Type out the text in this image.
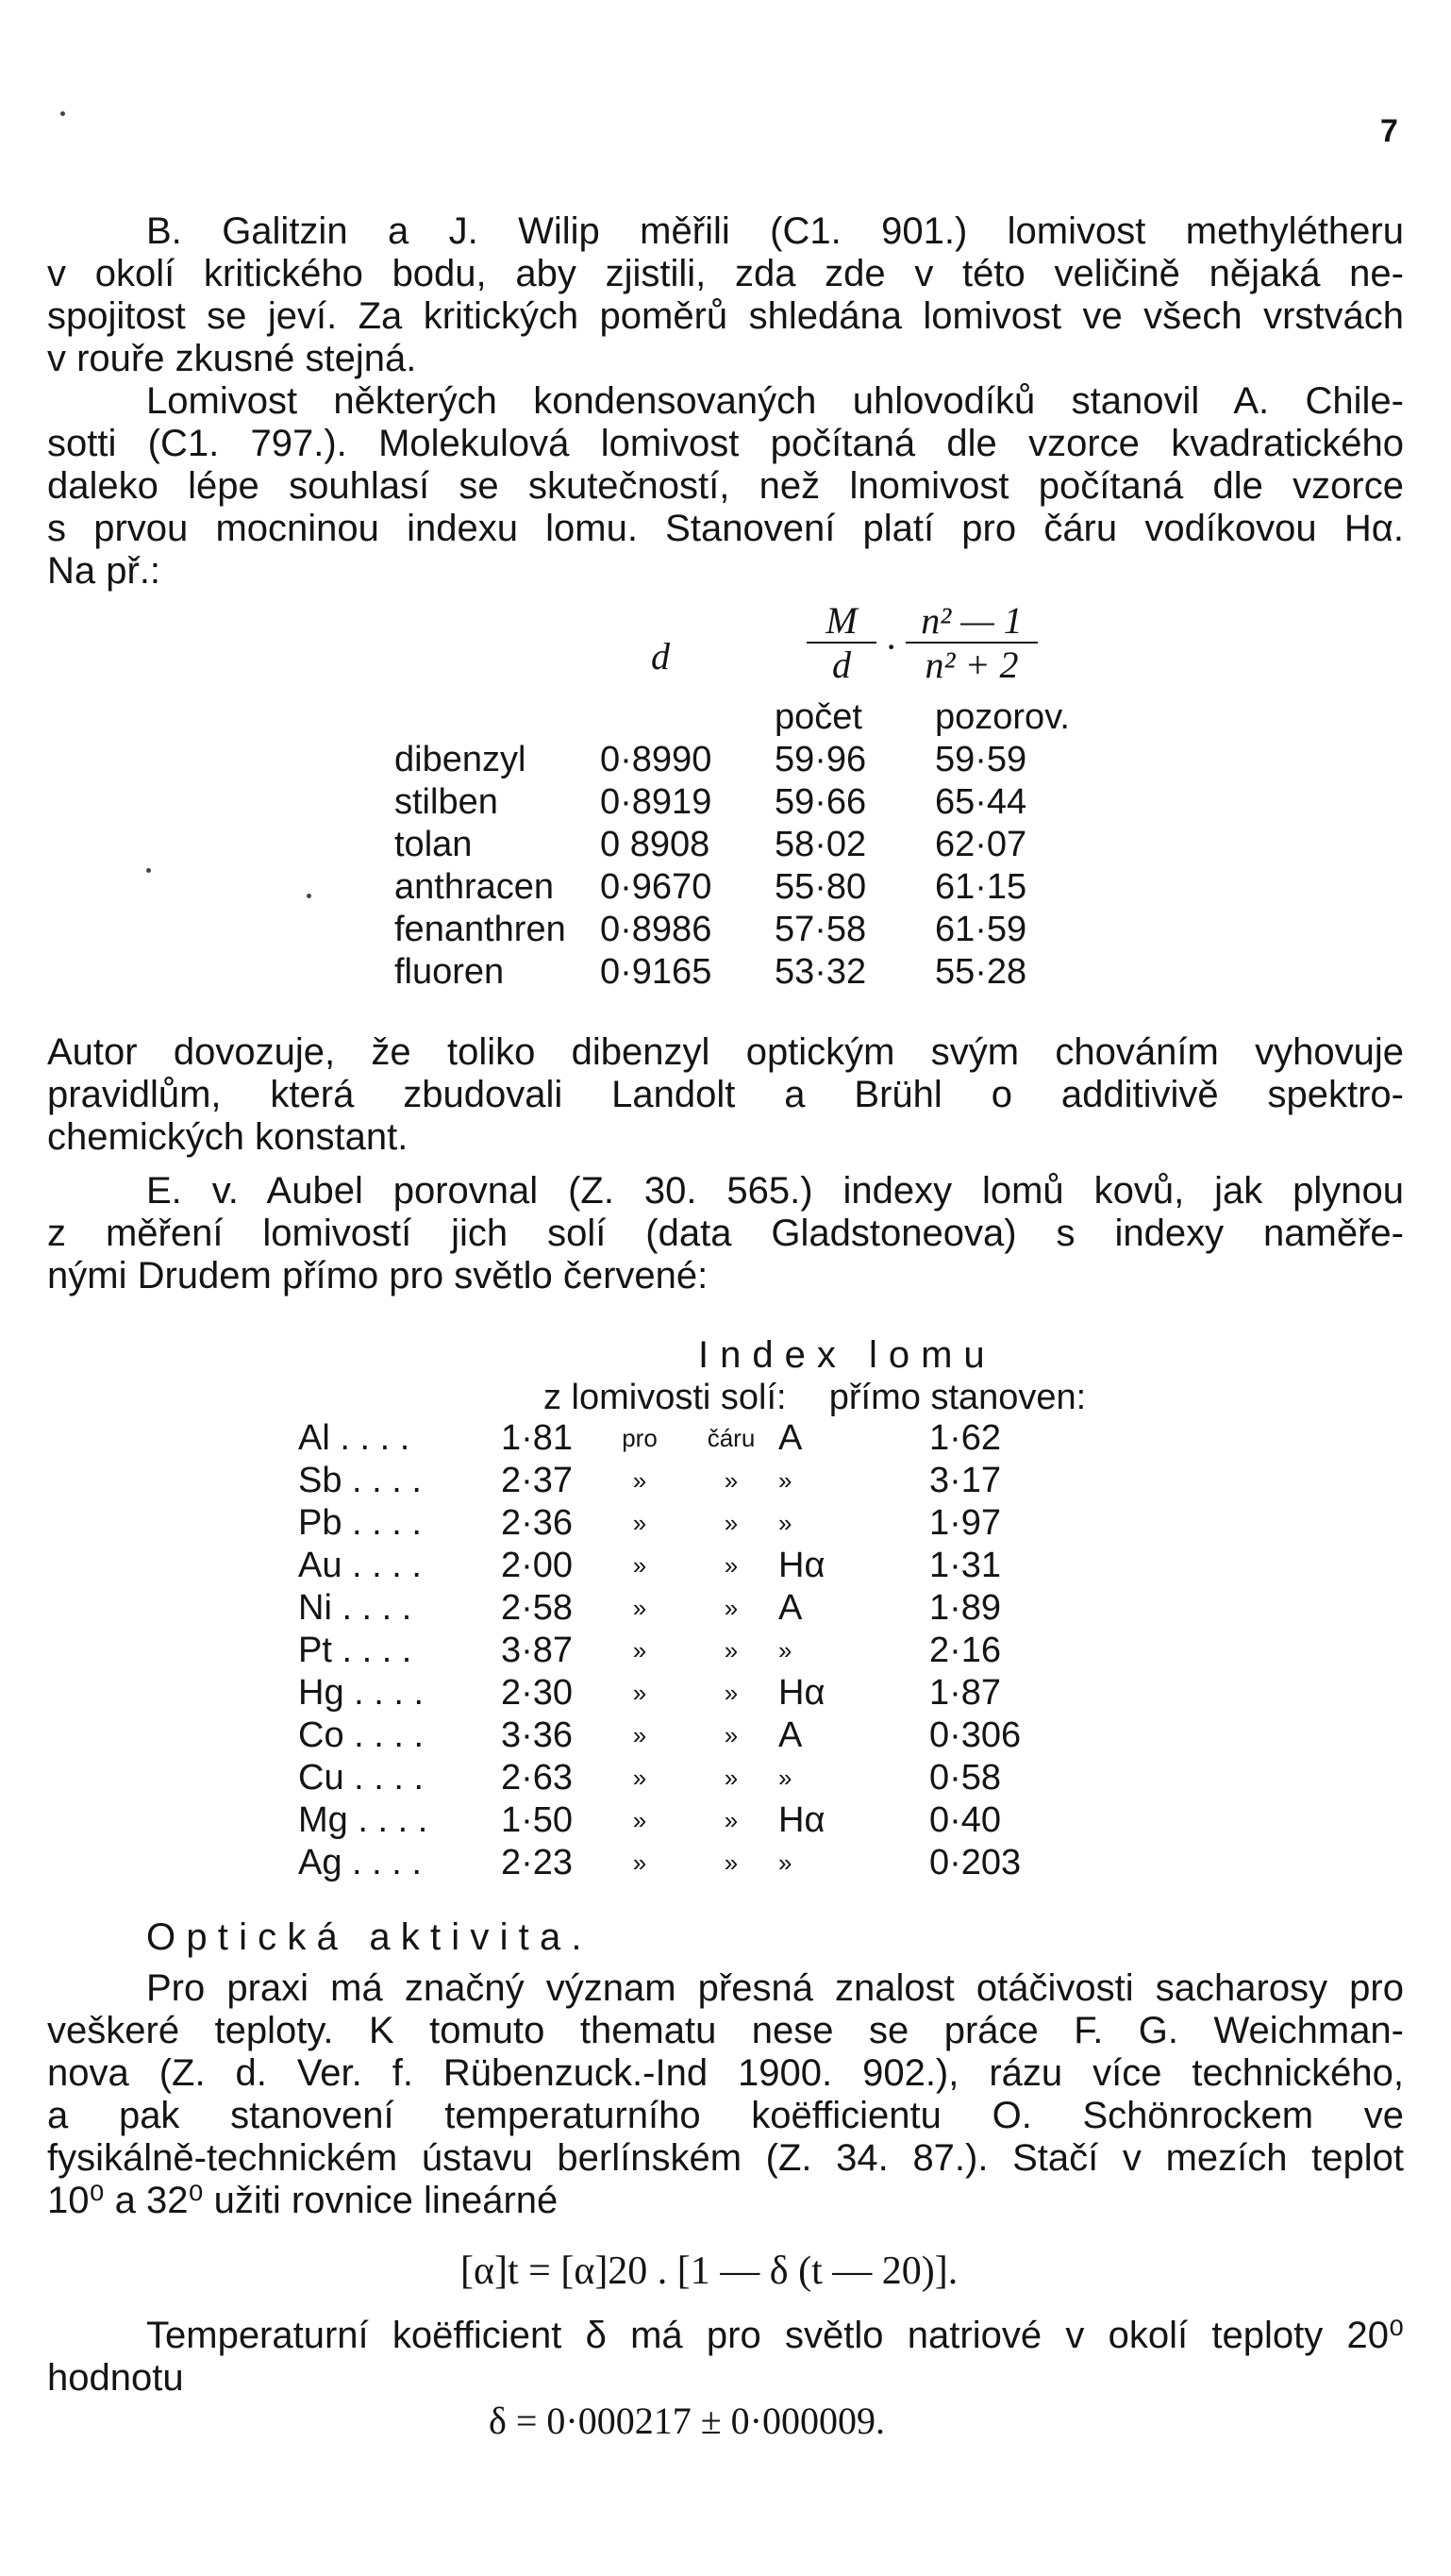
7
B. Galitzin a J. Wilip měřili (C1. 901.) lomivost methylétheru
v okolí kritického bodu, aby zjistili, zda zde v této veličině nějaká ne-
spojitost se jeví. Za kritických poměrů shledána lomivost ve všech vrstvách
v rouře zkusné stejná.
Lomivost některých kondensovaných uhlovodíků stanovil A. Chile-
sotti (C1. 797.). Molekulová lomivost počítaná dle vzorce kvadratického
daleko lépe souhlasí se skutečností, než lnomivost počítaná dle vzorce
s prvou mocninou indexu lomu. Stanovení platí pro čáru vodíkovou Hα.
Na př.:
d	$\frac{M}{d} \cdot \frac{\text{n² — 1}}{\text{n² + 2}}$
		počet	pozorov.
dibenzyl	0·8990	59·96	59·59
stilben	0·8919	59·66	65·44
tolan	0 8908	58·02	62·07
anthracen	0·9670	55·80	61·15
fenanthren	0·8986	57·58	61·59
fluoren	0·9165	53·32	55·28
Autor dovozuje, že toliko dibenzyl optickým svým chováním vyhovuje
pravidlům, která zbudovali Landolt a Brühl o additivivě spektro-
chemických konstant.
E. v. Aubel porovnal (Z. 30. 565.) indexy lomů kovů, jak plynou
z měření lomivostí jich solí (data Gladstoneova) s indexy naměře-
nými Drudem přímo pro světlo červené:
Index lomu
z lomivosti solí: přímo stanoven:
Al . . . .	1·81	pro	čáru	A	1·62
Sb . . . .	2·37	»	»	»	3·17
Pb . . . .	2·36	»	»	»	1·97
Au . . . .	2·00	»	»	Hα	1·31
Ni . . . .	2·58	»	»	A	1·89
Pt . . . .	3·87	»	»	»	2·16
Hg . . . .	2·30	»	»	Hα	1·87
Co . . . .	3·36	»	»	A	0·306
Cu . . . .	2·63	»	»	»	0·58
Mg . . . .	1·50	»	»	Hα	0·40
Ag . . . .	2·23	»	»	»	0·203
Optická aktivita.
Pro praxi má značný význam přesná znalost otáčivosti sacharosy pro
veškeré teploty. K tomuto thematu nese se práce F. G. Weichman-
nova (Z. d. Ver. f. Rübenzuck.-Ind 1900. 902.), rázu více technického,
a pak stanovení temperaturního koëfficientu O. Schönrockem ve
fysikálně-technickém ústavu berlínském (Z. 34. 87.). Stačí v mezích teplot
10⁰ a 32⁰ užiti rovnice lineárné
[α]t = [α]20 . [1 — δ (t — 20)].
Temperaturní koëfficient δ má pro světlo natriové v okolí teploty 20⁰
hodnotu
δ = 0·000217 ± 0·000009.
